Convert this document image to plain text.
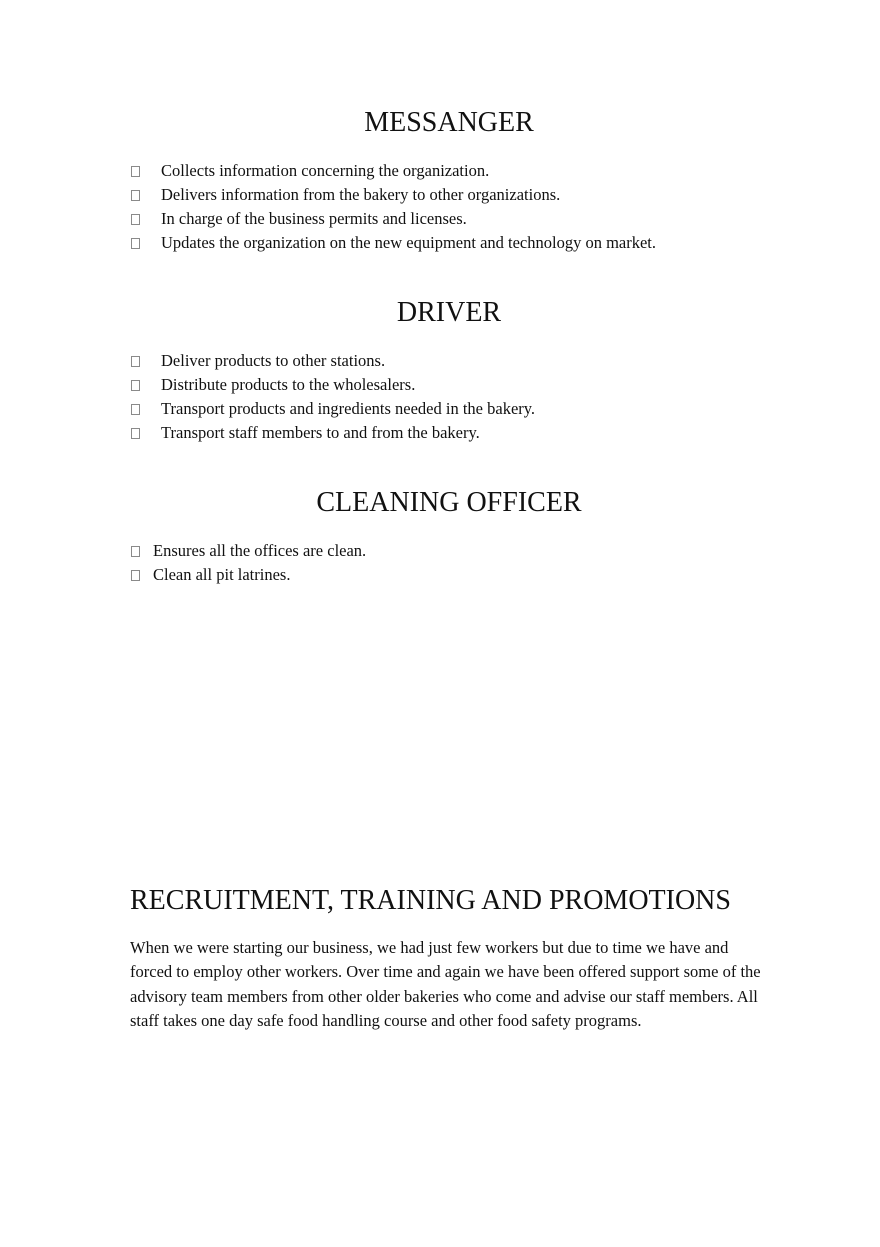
MESSANGER
Collects information concerning the organization.
Delivers information from the bakery to other organizations.
In charge of the business permits and licenses.
Updates the organization on the new equipment and technology on market.
DRIVER
Deliver products to other stations.
Distribute products to the wholesalers.
Transport products and ingredients needed in the bakery.
Transport staff members to and from the bakery.
CLEANING OFFICER
Ensures all the offices are clean.
Clean all pit latrines.
RECRUITMENT, TRAINING AND PROMOTIONS

When we were starting our business, we had just few workers but due to time we have and forced to employ other workers. Over time and again we have been offered support some of the advisory team members from other older bakeries who come and advise our staff members. All staff takes one day safe food handling course and other food safety programs.
